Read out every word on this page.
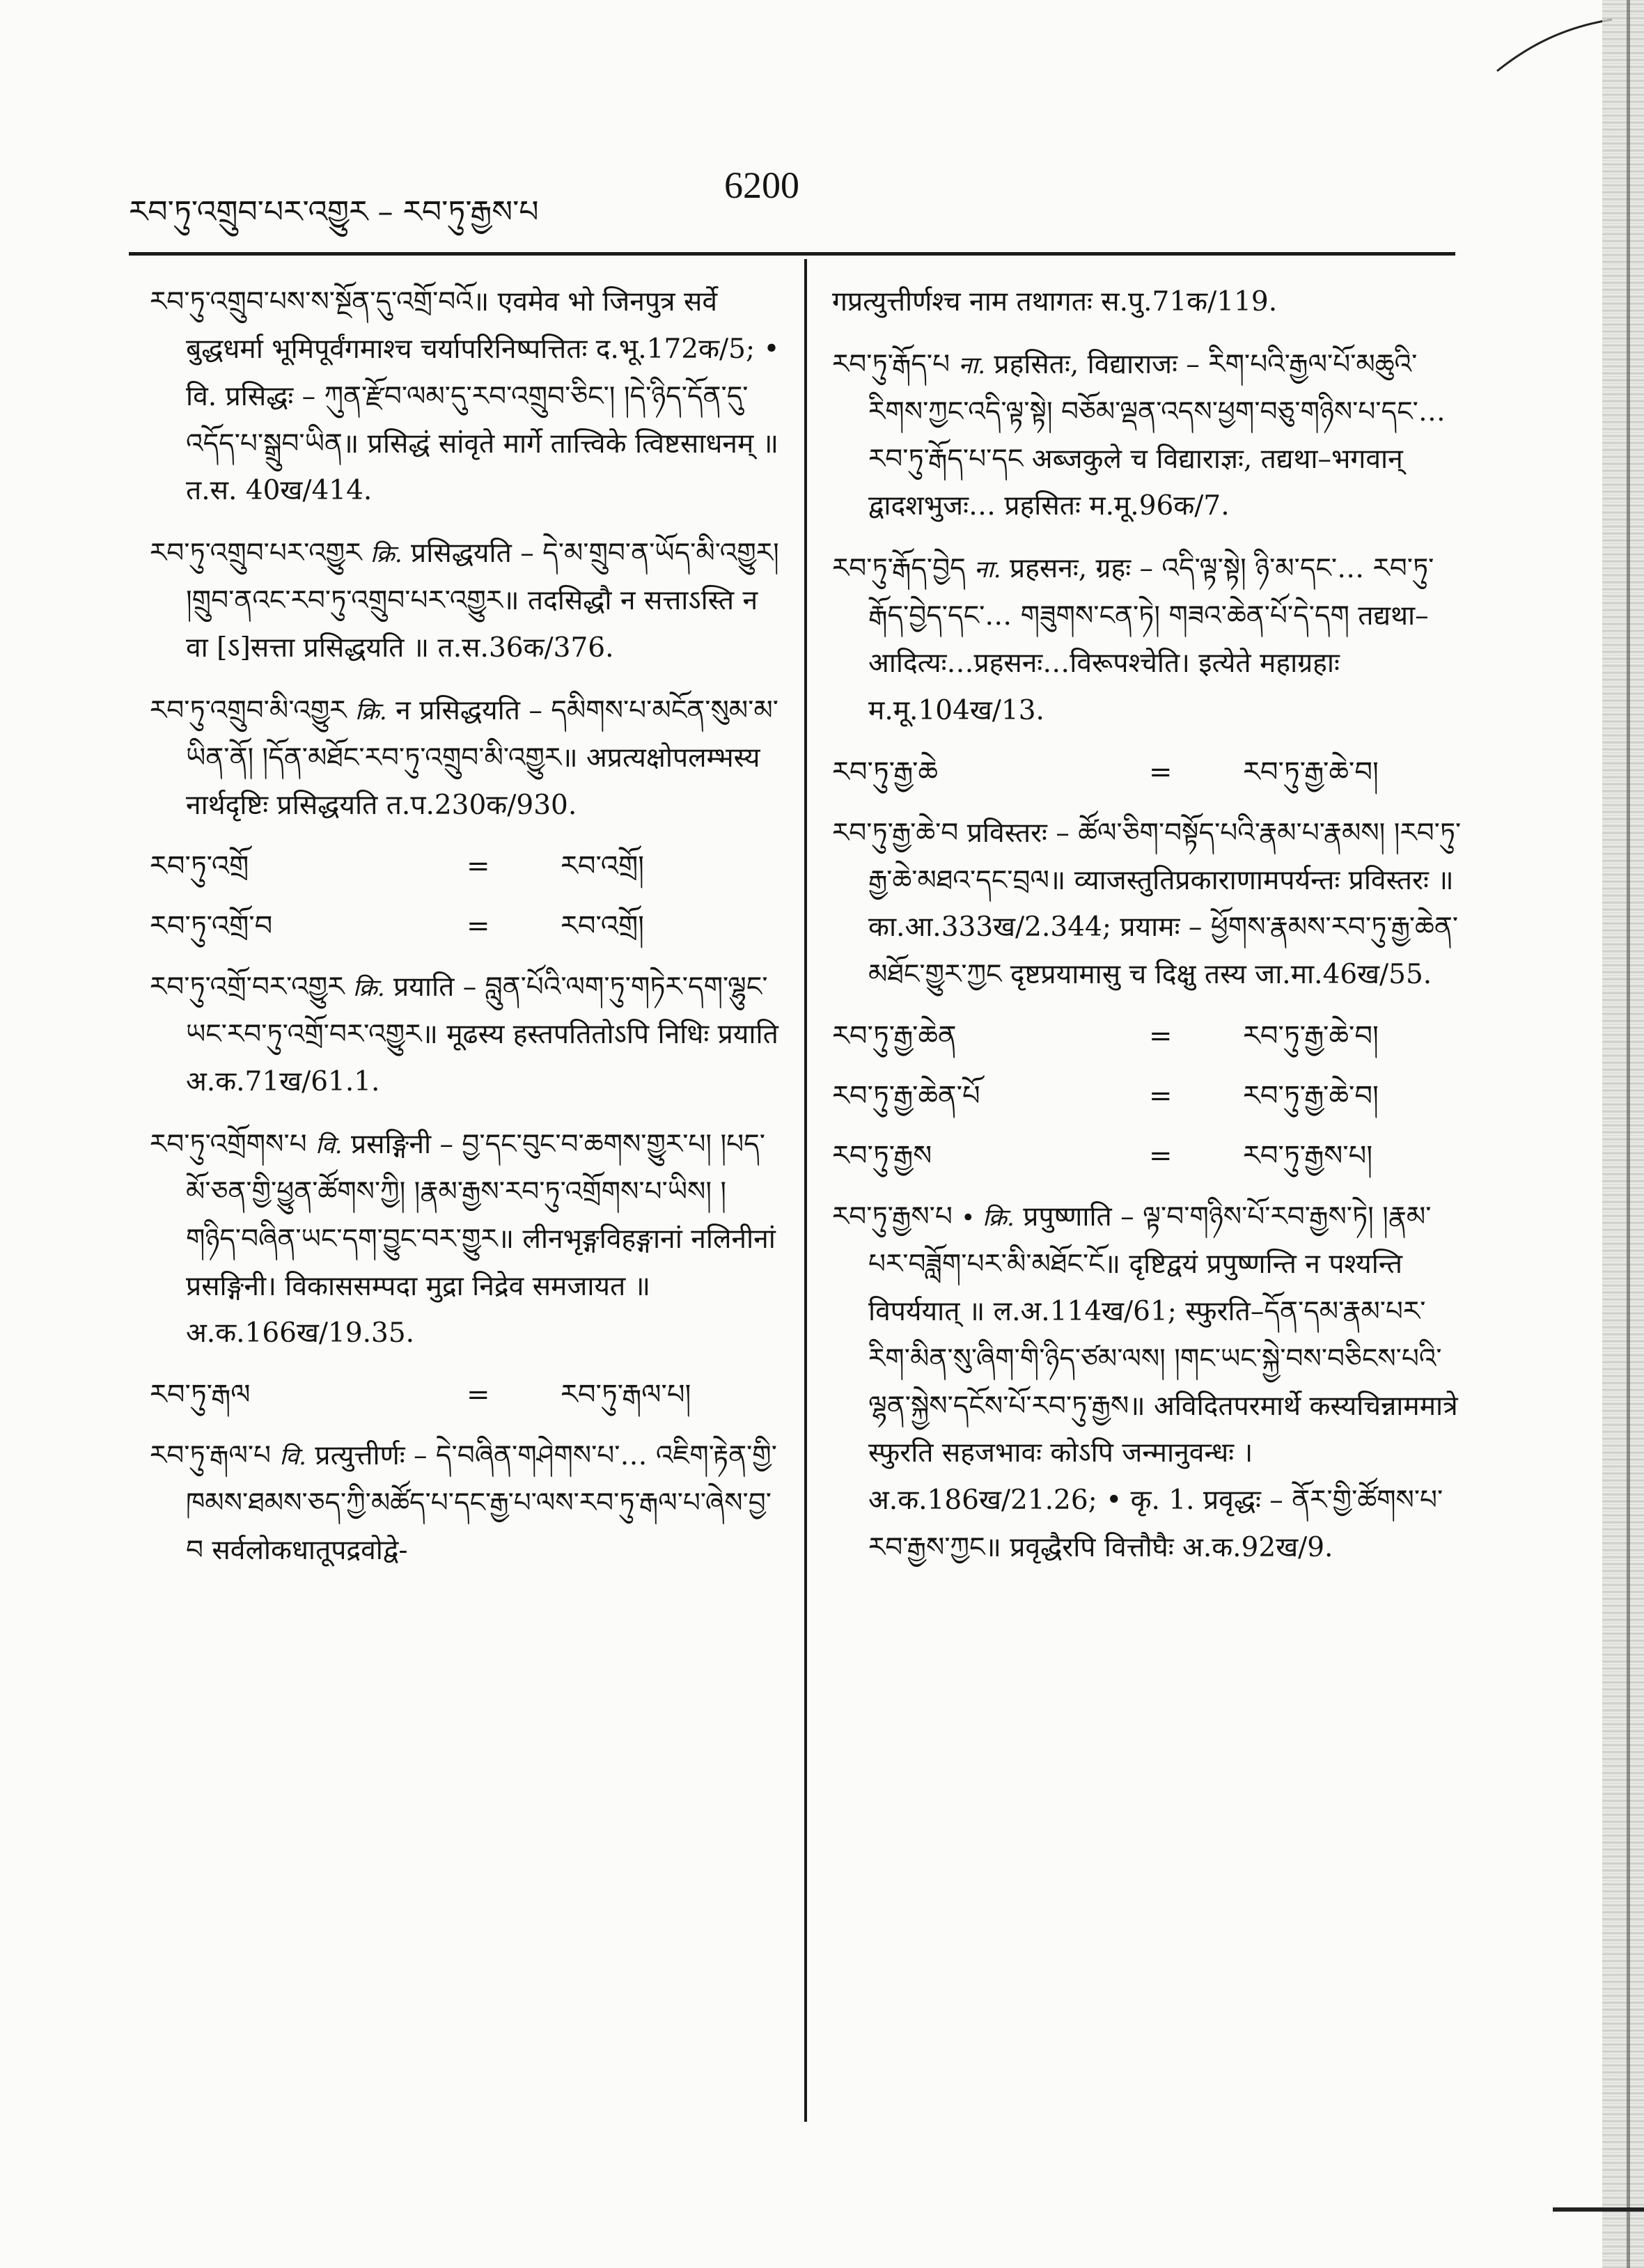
རབ་ཏུ་འགྲུབ་པར་འགྱུར – རབ་ཏུ་རྒྱས་པ
6200
རབ་ཏུ་འགྲུབ་པས་ས་སྔོན་དུ་འགྲོ་བའོ॥ एवमेव भो जिनपुत्र सर्वे बुद्धधर्मा भूमिपूर्वंगमाश्च चर्यापरिनिष्पत्तितः द.भू.172क/5; • वि. प्रसिद्धः – ཀུན་རྫོབ་ལམ་དུ་རབ་འགྲུབ་ཅིང་། །དེ་ཉིད་དོན་དུ་འདོད་པ་སྒྲུབ་ཡིན॥ प्रसिद्धं सांवृते मार्गे तात्त्विके त्विष्टसाधनम् ॥ त.स. 40ख/414.
རབ་ཏུ་འགྲུབ་པར་འགྱུར क्रि. प्रसिद्धयति – དེ་མ་གྲུབ་ན་ཡོད་མི་འགྱུར། །གྲུབ་ནའང་རབ་ཏུ་འགྲུབ་པར་འགྱུར॥ तदसिद्धौ न सत्ताऽस्ति न वा [ऽ]सत्ता प्रसिद्धयति ॥ त.स.36क/376.
རབ་ཏུ་འགྲུབ་མི་འགྱུར क्रि. न प्रसिद्धयति – དམིགས་པ་མངོན་སུམ་མ་ཡིན་ནོ། །དོན་མཐོང་རབ་ཏུ་འགྲུབ་མི་འགྱུར॥ अप्रत्यक्षोपलम्भस्य नार्थदृष्टिः प्रसिद्धयति त.प.230क/930.
རབ་ཏུ་འགྲོ	=	རབ་འགྲོ།
རབ་ཏུ་འགྲོ་བ	=	རབ་འགྲོ།
རབ་ཏུ་འགྲོ་བར་འགྱུར क्रि. प्रयाति – བླུན་པོའི་ལག་ཏུ་གཏེར་དག་ལྷུང་ཡང་རབ་ཏུ་འགྲོ་བར་འགྱུར॥ मूढस्य हस्तपतितोऽपि निधिः प्रयाति अ.क.71ख/61.1.
རབ་ཏུ་འགྲོགས་པ वि. प्रसङ्गिनी – བྱ་དང་བུང་བ་ཆགས་གྱུར་པ། །པད་མོ་ཅན་གྱི་ཕྱུན་ཚོགས་ཀྱི། །རྣམ་རྒྱས་རབ་ཏུ་འགྲོགས་པ་ཡིས། །གཉིད་བཞིན་ཡང་དག་བྱུང་བར་གྱུར॥ लीनभृङ्गविहङ्गानां नलिनीनां प्रसङ्गिनी। विकाससम्पदा मुद्रा निद्रेव समजायत ॥ अ.क.166ख/19.35.
རབ་ཏུ་རྒལ	=	རབ་ཏུ་རྒལ་པ།
རབ་ཏུ་རྒལ་པ वि. प्रत्युत्तीर्णः – དེ་བཞིན་གཤེགས་པ་… འཇིག་རྟེན་གྱི་ཁམས་ཐམས་ཅད་ཀྱི་མཚོད་པ་དང་རྒྱ་པ་ལས་རབ་ཏུ་རྒལ་པ་ཞེས་བྱ་བ सर्वलोकधातूपद्रवोद्वे-
गप्रत्युत्तीर्णश्च नाम तथागतः स.पु.71क/119.
རབ་ཏུ་རྒོད་པ ना. प्रहसितः, विद्याराजः – རིག་པའི་རྒྱལ་པོ་མཆུའི་རིགས་ཀྱང་འདི་ལྟ་སྟེ། བཅོམ་ལྡན་འདས་ཕྱག་བཅུ་གཉིས་པ་དང་…རབ་ཏུ་རྒོད་པ་དང अब्जकुले च विद्याराज्ञः, तद्यथा–भगवान् द्वादशभुजः… प्रहसितः म.मू.96क/7.
རབ་ཏུ་རྒོད་བྱེད ना. प्रहसनः, ग्रहः – འདི་ལྟ་སྟེ། ཉི་མ་དང་… རབ་ཏུ་རྒོད་བྱེད་དང་… གཟུགས་ངན་ཏེ། གཟའ་ཆེན་པོ་དེ་དག तद्यथा–आदित्यः…प्रहसनः…विरूपश्चेति। इत्येते महाग्रहाः म.मू.104ख/13.
རབ་ཏུ་རྒྱ་ཆེ	=	རབ་ཏུ་རྒྱ་ཆེ་བ།
རབ་ཏུ་རྒྱ་ཆེ་བ प्रविस्तरः – ཚོལ་ཅིག་བསྟོད་པའི་རྣམ་པ་རྣམས། །རབ་ཏུ་རྒྱ་ཆེ་མཐའ་དང་བྲལ॥ व्याजस्तुतिप्रकाराणामपर्यन्तः प्रविस्तरः ॥ का.आ.333ख/2.344; प्रयामः – ཕྱོགས་རྣམས་རབ་ཏུ་རྒྱ་ཆེན་མཐོང་གྱུར་ཀྱང दृष्टप्रयामासु च दिक्षु तस्य जा.मा.46ख/55.
རབ་ཏུ་རྒྱ་ཆེན	=	རབ་ཏུ་རྒྱ་ཆེ་བ།
རབ་ཏུ་རྒྱ་ཆེན་པོ	=	རབ་ཏུ་རྒྱ་ཆེ་བ།
རབ་ཏུ་རྒྱས	=	རབ་ཏུ་རྒྱས་པ།
རབ་ཏུ་རྒྱས་པ • क्रि. प्रपुष्णाति – ལྟ་བ་གཉིས་པོ་རབ་རྒྱས་ཏེ། །རྣམ་པར་བཟློག་པར་མི་མཐོང་ངོ॥ दृष्टिद्वयं प्रपुष्णन्ति न पश्यन्ति विपर्ययात् ॥ ल.अ.114ख/61; स्फुरति–དོན་དམ་རྣམ་པར་རིག་མིན་སུ་ཞིག་གི་ཉིད་ཙམ་ལས། །གང་ཡང་སྐྱེ་བས་བཅིངས་པའི་ལྷན་སྐྱེས་དངོས་པོ་རབ་ཏུ་རྒྱས॥ अविदितपरमार्थे कस्यचिन्नाममात्रे स्फुरति सहजभावः कोऽपि जन्मानुवन्धः । अ.क.186ख/21.26; • कृ. 1. प्रवृद्धः – ནོར་གྱི་ཚོགས་པ་རབ་རྒྱས་ཀྱང॥ प्रवृद्धैरपि वित्तौघैः अ.क.92ख/9.
